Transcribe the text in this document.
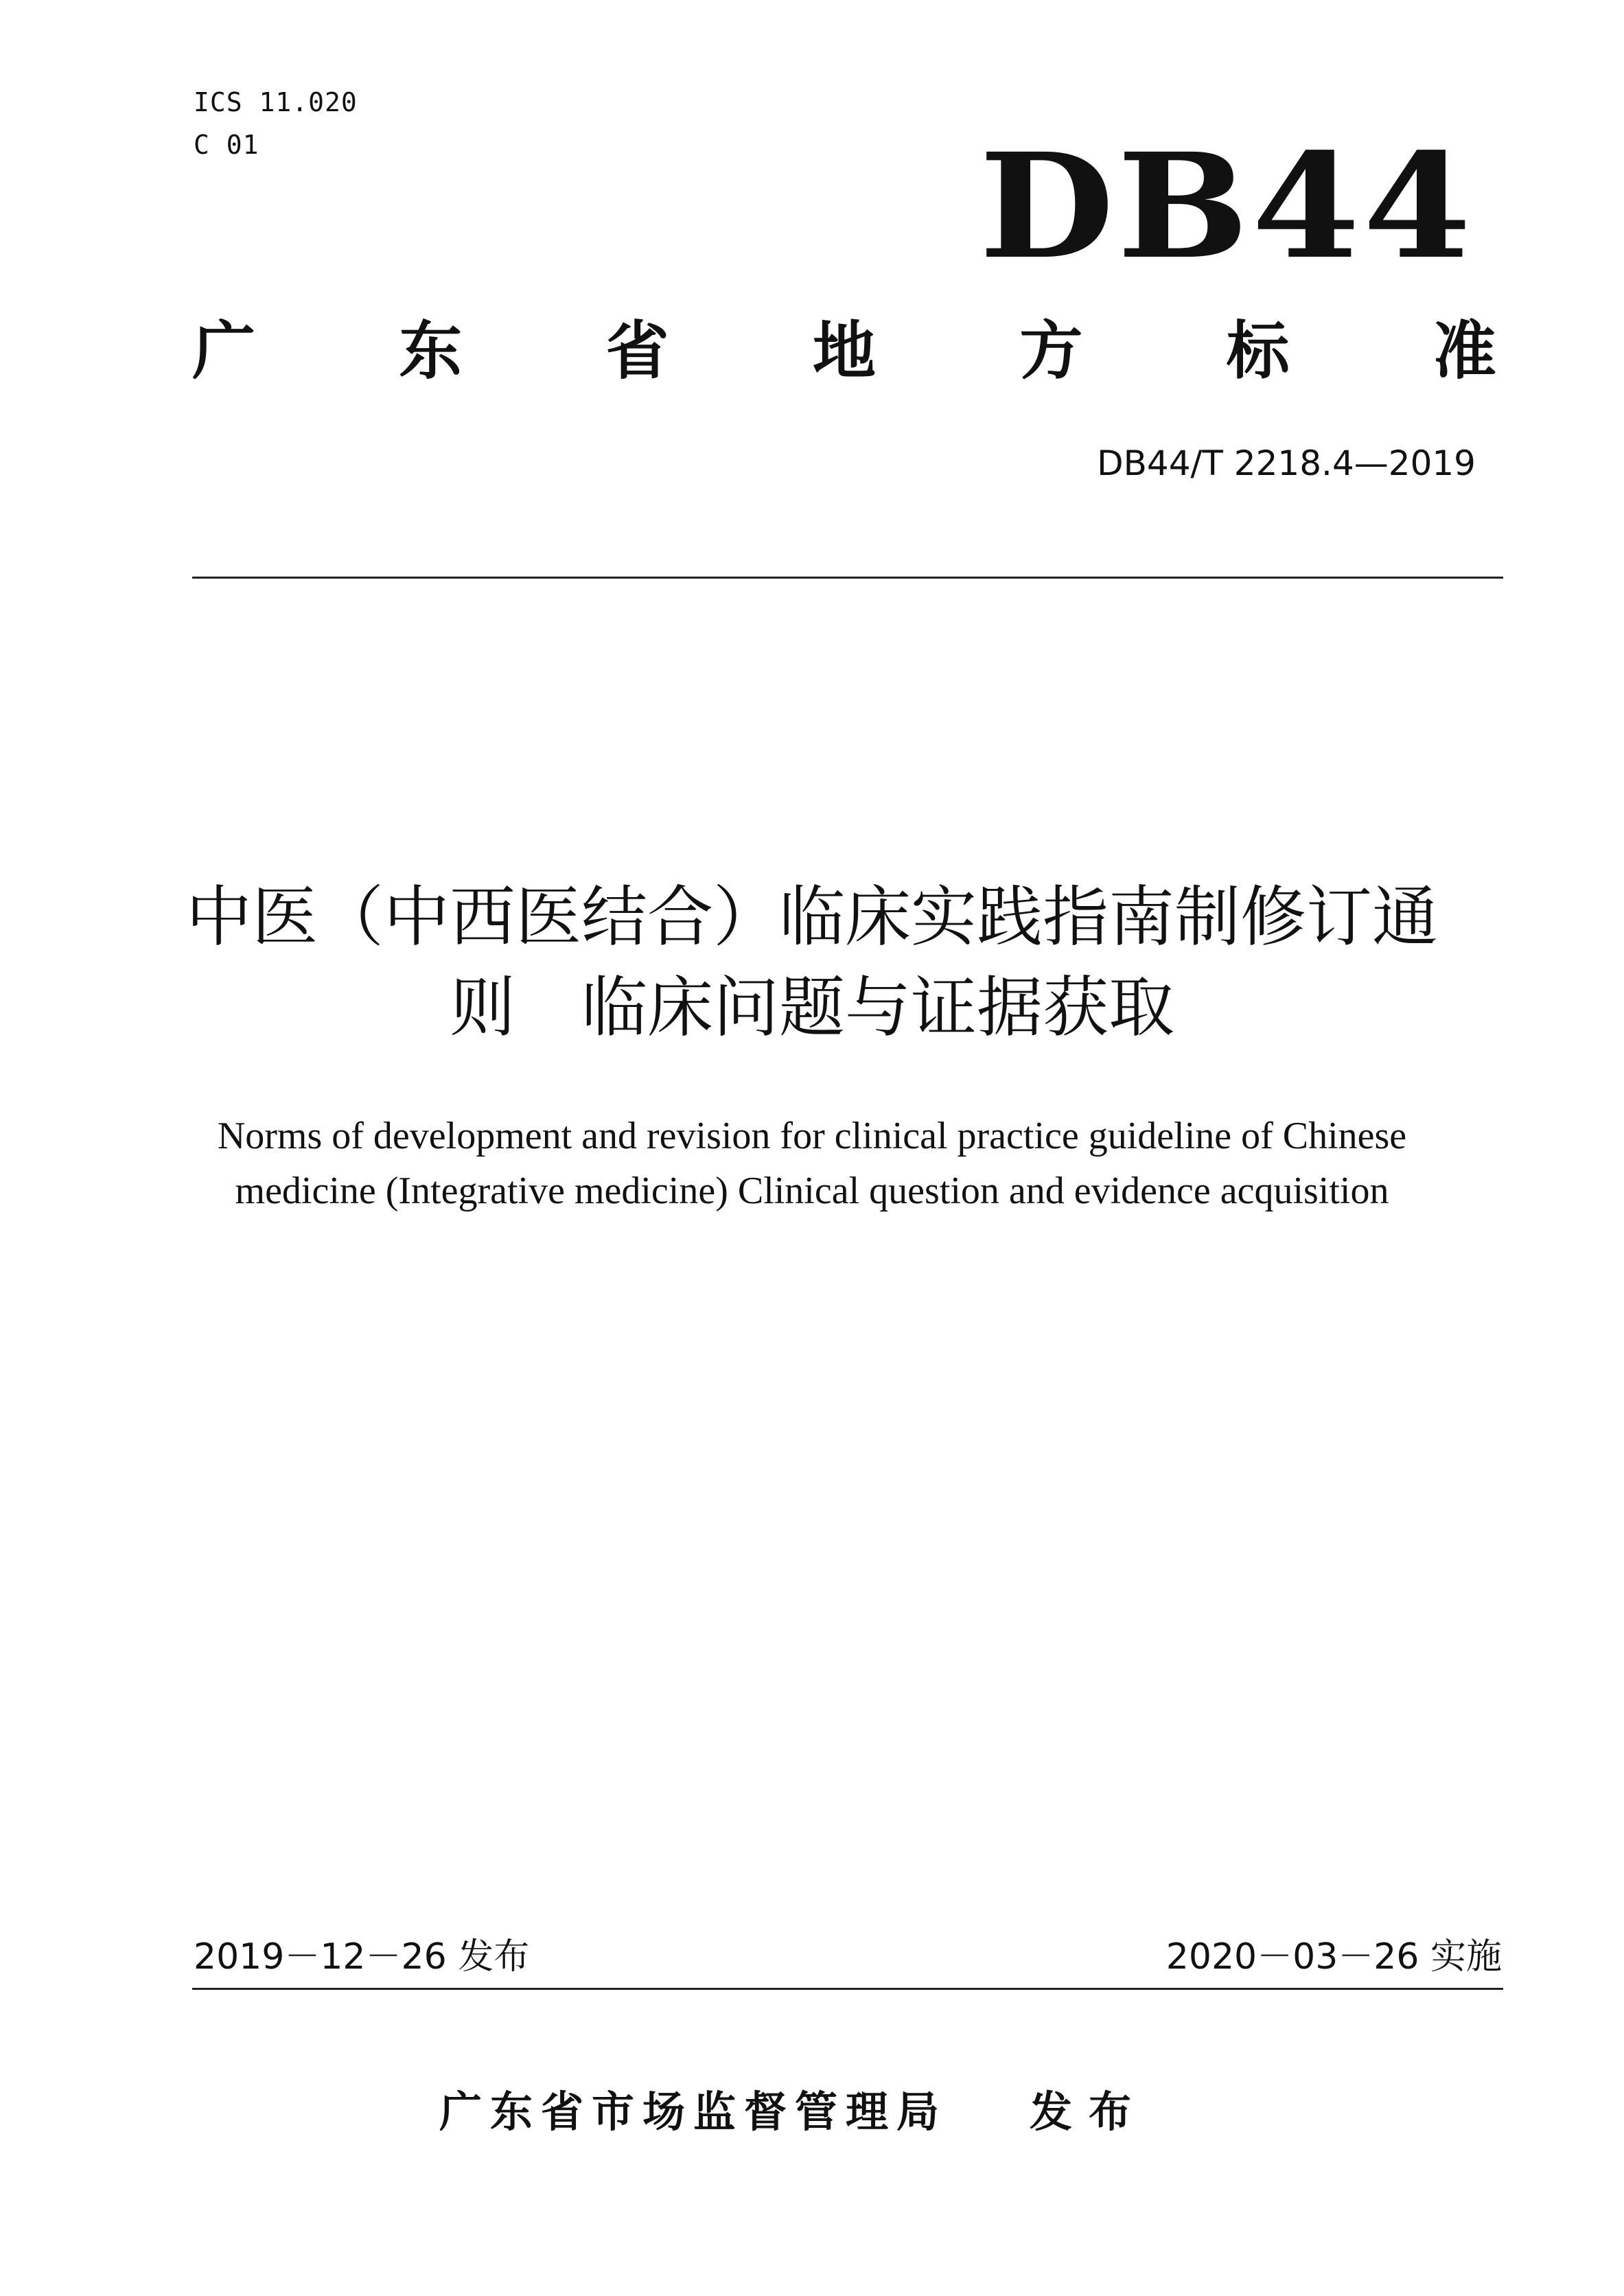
ICS 11.020
C 01	DB44
广 东 省 地 方 标 准
DB44/T 2218.4—2019
中医（中西医结合）临床实践指南制修订通
则　临床问题与证据获取
Norms of development and revision for clinical practice guideline of Chinese
medicine (Integrative medicine) Clinical question and evidence acquisition
2019－12－26 发布	2020－03－26 实施
广东省市场监督管理局 发布
